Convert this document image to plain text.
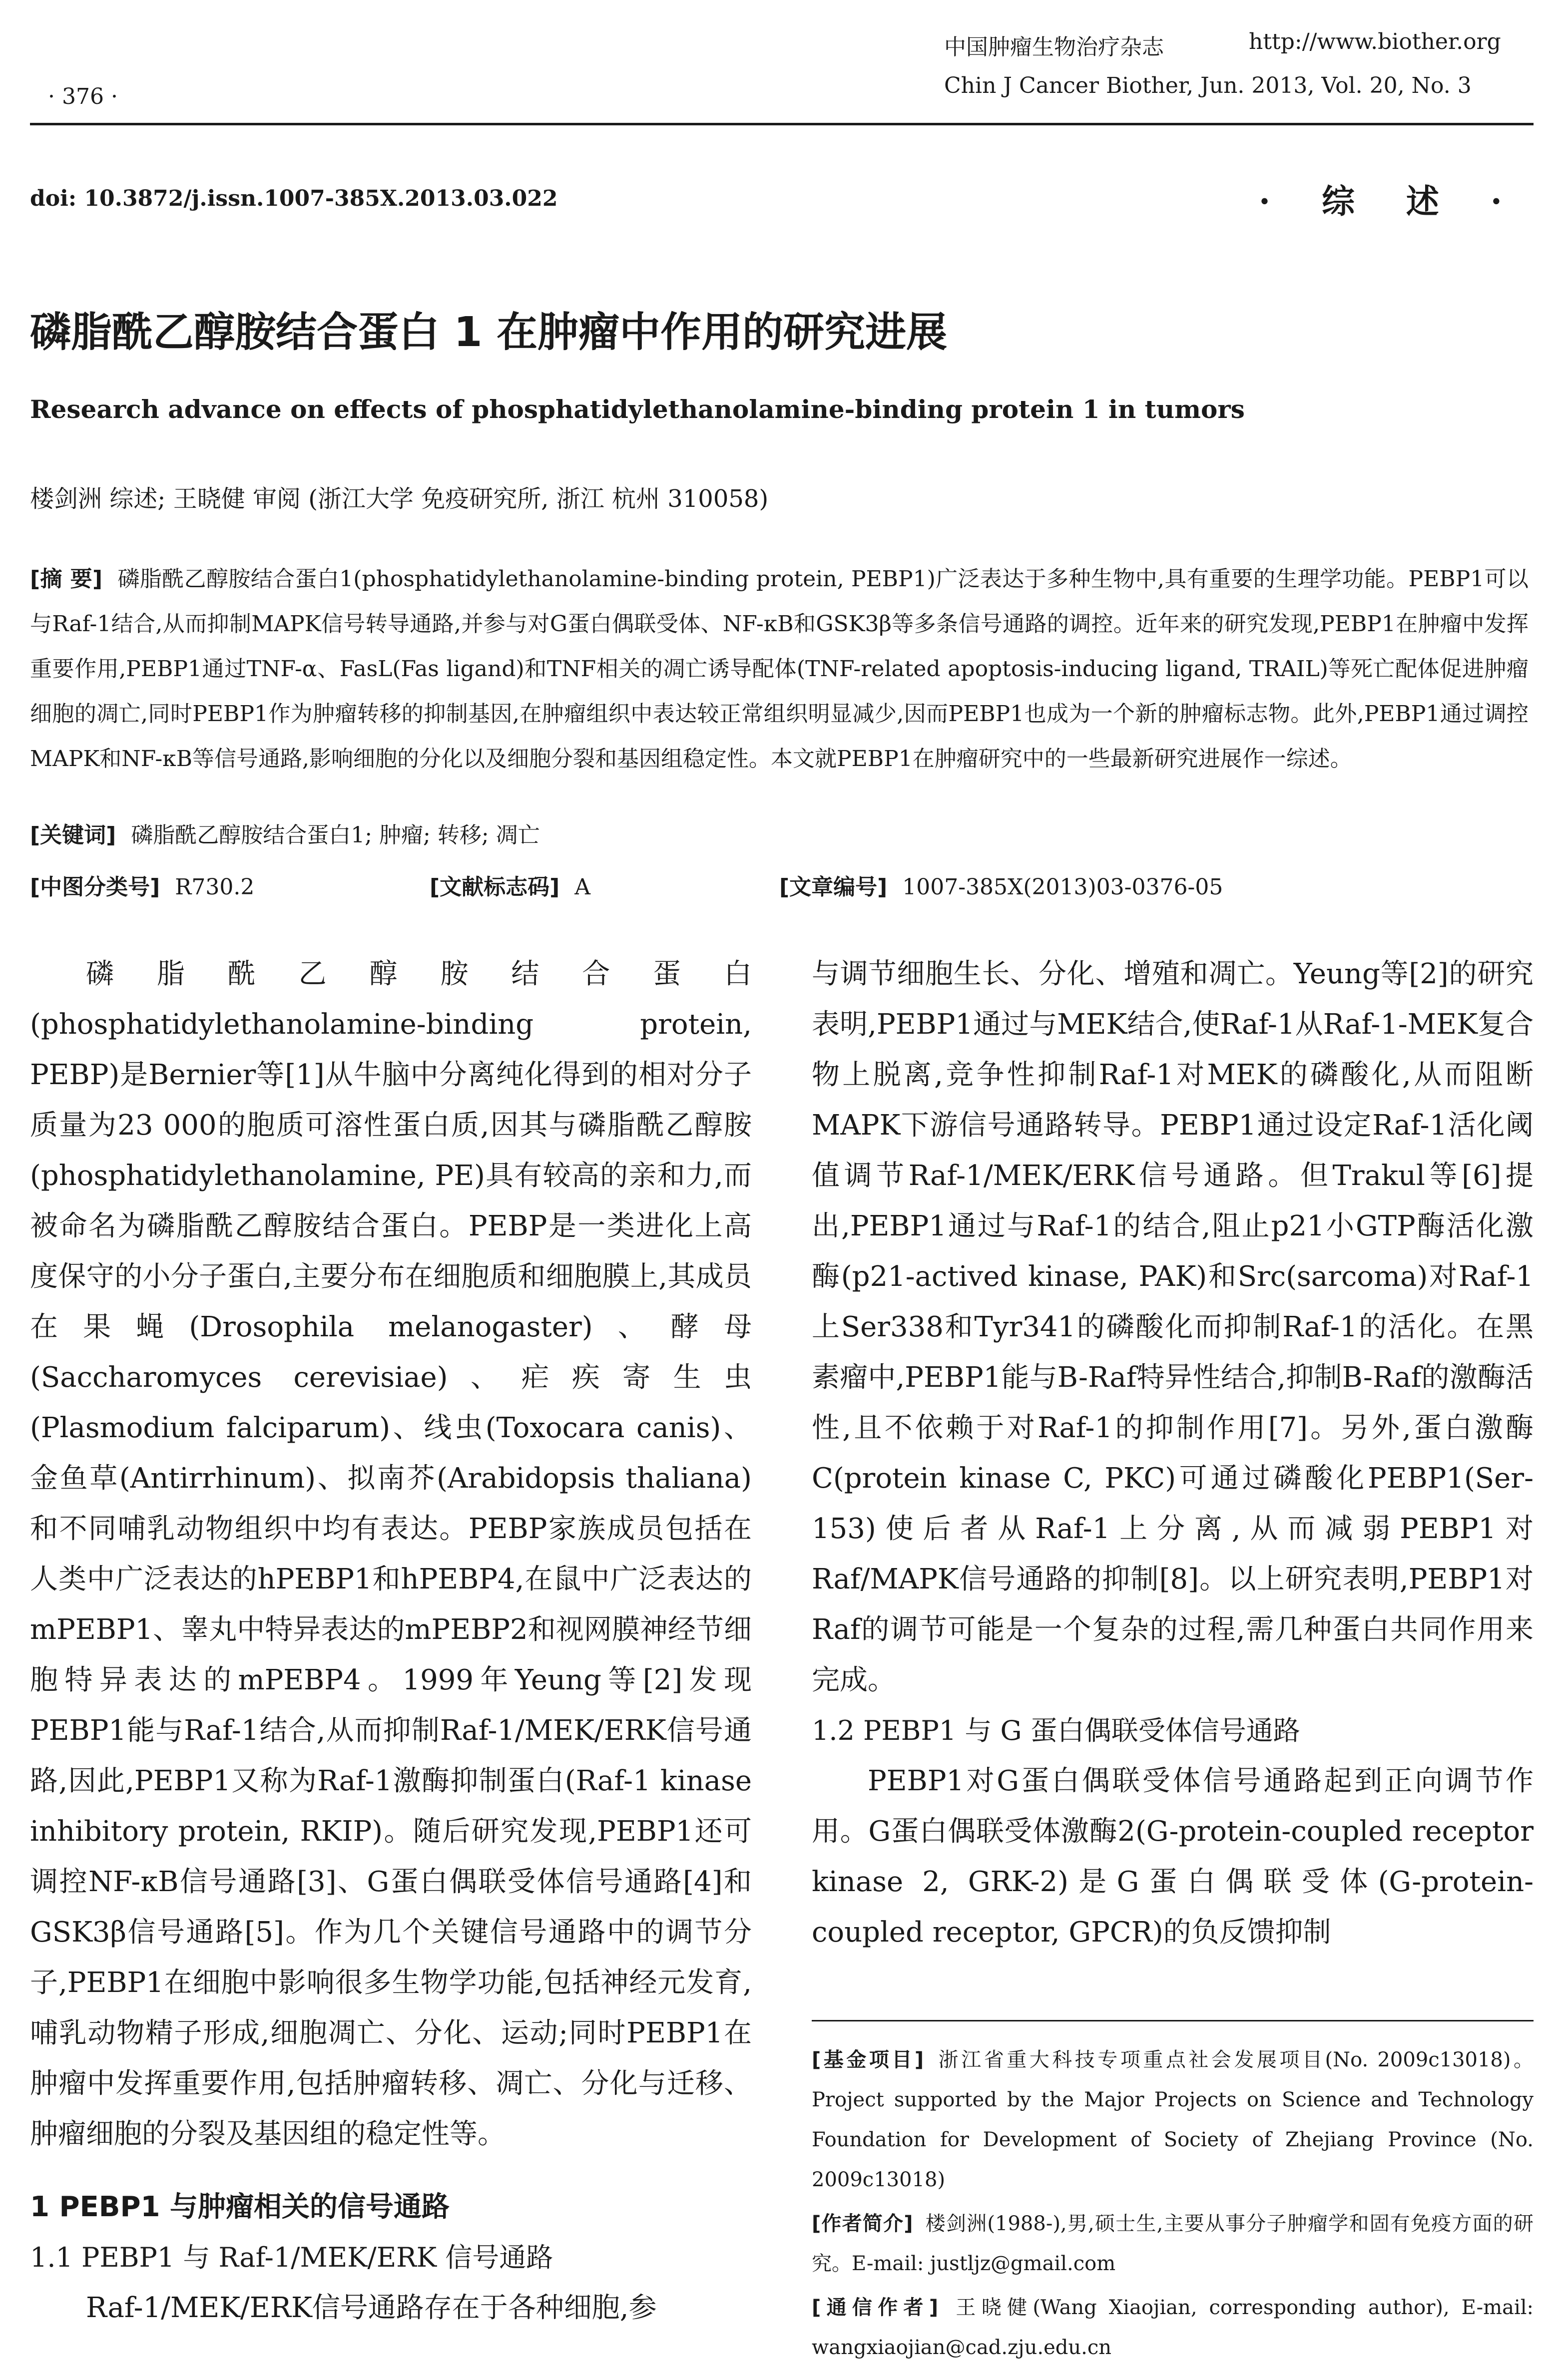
· 376 ·
中国肿瘤生物治疗杂志	http://www.biother.org
Chin J Cancer Biother, Jun. 2013, Vol. 20, No. 3
doi: 10.3872/j.issn.1007-385X.2013.03.022	· 综 述 ·
磷脂酰乙醇胺结合蛋白 1 在肿瘤中作用的研究进展
Research advance on effects of phosphatidylethanolamine-binding protein 1 in tumors
楼剑洲 综述; 王晓健 审阅 (浙江大学 免疫研究所, 浙江 杭州 310058)
[摘 要] 磷脂酰乙醇胺结合蛋白1(phosphatidylethanolamine-binding protein, PEBP1)广泛表达于多种生物中,具有重要的生理学功能。PEBP1可以与Raf-1结合,从而抑制MAPK信号转导通路,并参与对G蛋白偶联受体、NF-κB和GSK3β等多条信号通路的调控。近年来的研究发现,PEBP1在肿瘤中发挥重要作用,PEBP1通过TNF-α、FasL(Fas ligand)和TNF相关的凋亡诱导配体(TNF-related apoptosis-inducing ligand, TRAIL)等死亡配体促进肿瘤细胞的凋亡,同时PEBP1作为肿瘤转移的抑制基因,在肿瘤组织中表达较正常组织明显减少,因而PEBP1也成为一个新的肿瘤标志物。此外,PEBP1通过调控MAPK和NF-κB等信号通路,影响细胞的分化以及细胞分裂和基因组稳定性。本文就PEBP1在肿瘤研究中的一些最新研究进展作一综述。
[关键词] 磷脂酰乙醇胺结合蛋白1; 肿瘤; 转移; 凋亡
[中图分类号] R730.2	[文献标志码] A	[文章编号] 1007-385X(2013)03-0376-05

磷脂酰乙醇胺结合蛋白(phosphatidylethanolamine-binding protein, PEBP)是Bernier等[1]从牛脑中分离纯化得到的相对分子质量为23 000的胞质可溶性蛋白质,因其与磷脂酰乙醇胺(phosphatidylethanolamine, PE)具有较高的亲和力,而被命名为磷脂酰乙醇胺结合蛋白。PEBP是一类进化上高度保守的小分子蛋白,主要分布在细胞质和细胞膜上,其成员在果蝇(Drosophila melanogaster)、酵母(Saccharomyces cerevisiae)、疟疾寄生虫(Plasmodium falciparum)、线虫(Toxocara canis)、金鱼草(Antirrhinum)、拟南芥(Arabidopsis thaliana)和不同哺乳动物组织中均有表达。PEBP家族成员包括在人类中广泛表达的hPEBP1和hPEBP4,在鼠中广泛表达的mPEBP1、睾丸中特异表达的mPEBP2和视网膜神经节细胞特异表达的mPEBP4。1999年Yeung等[2]发现PEBP1能与Raf-1结合,从而抑制Raf-1/MEK/ERK信号通路,因此,PEBP1又称为Raf-1激酶抑制蛋白(Raf-1 kinase inhibitory protein, RKIP)。随后研究发现,PEBP1还可调控NF-κB信号通路[3]、G蛋白偶联受体信号通路[4]和GSK3β信号通路[5]。作为几个关键信号通路中的调节分子,PEBP1在细胞中影响很多生物学功能,包括神经元发育,哺乳动物精子形成,细胞凋亡、分化、运动;同时PEBP1在肿瘤中发挥重要作用,包括肿瘤转移、凋亡、分化与迁移、肿瘤细胞的分裂及基因组的稳定性等。

1 PEBP1 与肿瘤相关的信号通路

1.1 PEBP1 与 Raf-1/MEK/ERK 信号通路

Raf-1/MEK/ERK信号通路存在于各种细胞,参

与调节细胞生长、分化、增殖和凋亡。Yeung等[2]的研究表明,PEBP1通过与MEK结合,使Raf-1从Raf-1-MEK复合物上脱离,竞争性抑制Raf-1对MEK的磷酸化,从而阻断MAPK下游信号通路转导。PEBP1通过设定Raf-1活化阈值调节Raf-1/MEK/ERK信号通路。但Trakul等[6]提出,PEBP1通过与Raf-1的结合,阻止p21小GTP酶活化激酶(p21-actived kinase, PAK)和Src(sarcoma)对Raf-1上Ser338和Tyr341的磷酸化而抑制Raf-1的活化。在黑素瘤中,PEBP1能与B-Raf特异性结合,抑制B-Raf的激酶活性,且不依赖于对Raf-1的抑制作用[7]。另外,蛋白激酶C(protein kinase C, PKC)可通过磷酸化PEBP1(Ser-153)使后者从Raf-1上分离,从而减弱PEBP1对Raf/MAPK信号通路的抑制[8]。以上研究表明,PEBP1对Raf的调节可能是一个复杂的过程,需几种蛋白共同作用来完成。

1.2 PEBP1 与 G 蛋白偶联受体信号通路

PEBP1对G蛋白偶联受体信号通路起到正向调节作用。G蛋白偶联受体激酶2(G-protein-coupled receptor kinase 2, GRK-2)是G蛋白偶联受体(G-protein-coupled receptor, GPCR)的负反馈抑制

[基金项目] 浙江省重大科技专项重点社会发展项目(No. 2009c13018)。Project supported by the Major Projects on Science and Technology Foundation for Development of Society of Zhejiang Province (No. 2009c13018)

[作者简介] 楼剑洲(1988-),男,硕士生,主要从事分子肿瘤学和固有免疫方面的研究。E-mail: justljz@gmail.com

[通信作者] 王晓健(Wang Xiaojian, corresponding author), E-mail: wangxiaojian@cad.zju.edu.cn
